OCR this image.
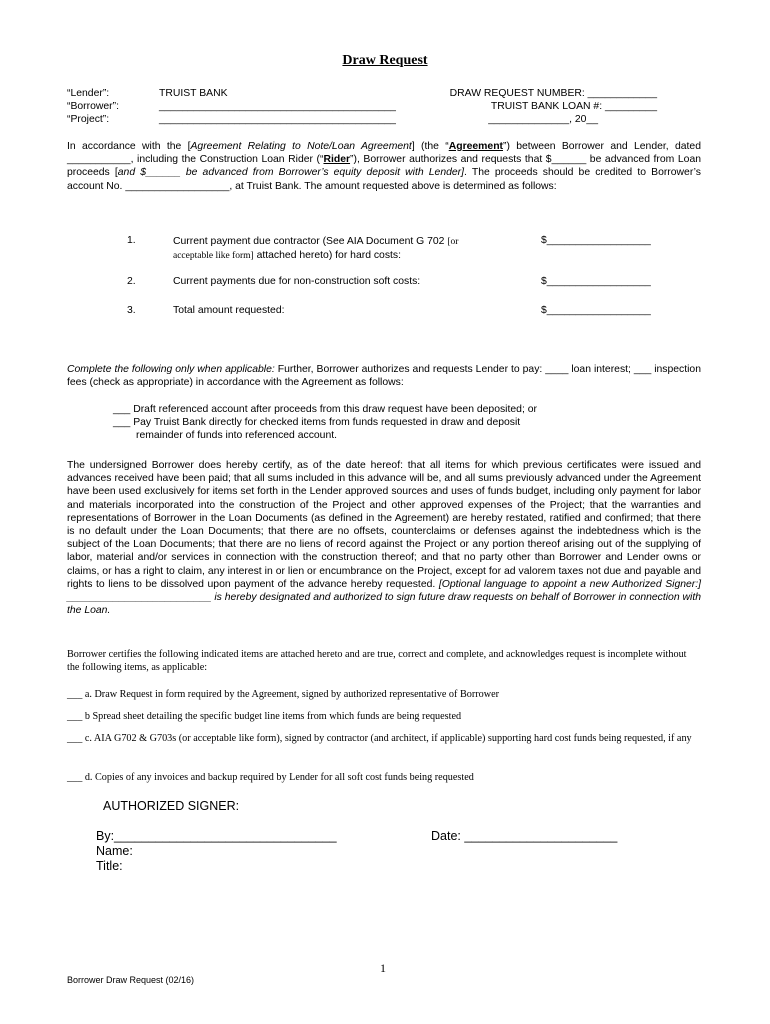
Draw Request
“Lender”:	TRUIST BANK
“Borrower”:	_________________________________________
“Project”:	_________________________________________
DRAW REQUEST NUMBER: ____________
TRUIST BANK LOAN #: _________
______________, 20__
In accordance with the [Agreement Relating to Note/Loan Agreement] (the “Agreement”) between Borrower and Lender, dated ___________, including the Construction Loan Rider (“Rider”), Borrower authorizes and requests that $______ be advanced from Loan proceeds [and $______ be advanced from Borrower’s equity deposit with Lender]. The proceeds should be credited to Borrower’s account No. __________________, at Truist Bank. The amount requested above is determined as follows:
1.	Current payment due contractor (See AIA Document G 702 [or
acceptable like form] attached hereto) for hard costs:
$__________________
2.	Current payments due for non-construction soft costs:	$__________________
3.	Total amount requested:	$__________________
Complete the following only when applicable: Further, Borrower authorizes and requests Lender to pay: ____ loan interest; ___ inspection fees (check as appropriate) in accordance with the Agreement as follows:
___ Draft referenced account after proceeds from this draw request have been deposited; or
___ Pay Truist Bank directly for checked items from funds requested in draw and deposit
remainder of funds into referenced account.
The undersigned Borrower does hereby certify, as of the date hereof: that all items for which previous certificates were issued and advances received have been paid; that all sums included in this advance will be, and all sums previously advanced under the Agreement have been used exclusively for items set forth in the Lender approved sources and uses of funds budget, including only payment for labor and materials incorporated into the construction of the Project and other approved expenses of the Project; that the warranties and representations of Borrower in the Loan Documents (as defined in the Agreement) are hereby restated, ratified and confirmed; that there is no default under the Loan Documents; that there are no offsets, counterclaims or defenses against the indebtedness which is the subject of the Loan Documents; that there are no liens of record against the Project or any portion thereof arising out of the supplying of labor, material and/or services in connection with the construction thereof; and that no party other than Borrower and Lender owns or claims, or has a right to claim, any interest in or lien or encumbrance on the Project, except for ad valorem taxes not due and payable and rights to liens to be dissolved upon payment of the advance hereby requested. [Optional language to appoint a new Authorized Signer:] _________________________ is hereby designated and authorized to sign future draw requests on behalf of Borrower in connection with the Loan.
Borrower certifies the following indicated items are attached hereto and are true, correct and complete, and acknowledges request is incomplete without the following items, as applicable:
___ a. Draw Request in form required by the Agreement, signed by authorized representative of Borrower
___ b Spread sheet detailing the specific budget line items from which funds are being requested
___ c. AIA G702 & G703s (or acceptable like form), signed by contractor (and architect, if applicable) supporting hard cost funds being requested, if any
___ d. Copies of any invoices and backup required by Lender for all soft cost funds being requested
AUTHORIZED SIGNER:
By:________________________________
Name:
Title:
Date: ______________________
1
Borrower Draw Request (02/16)
